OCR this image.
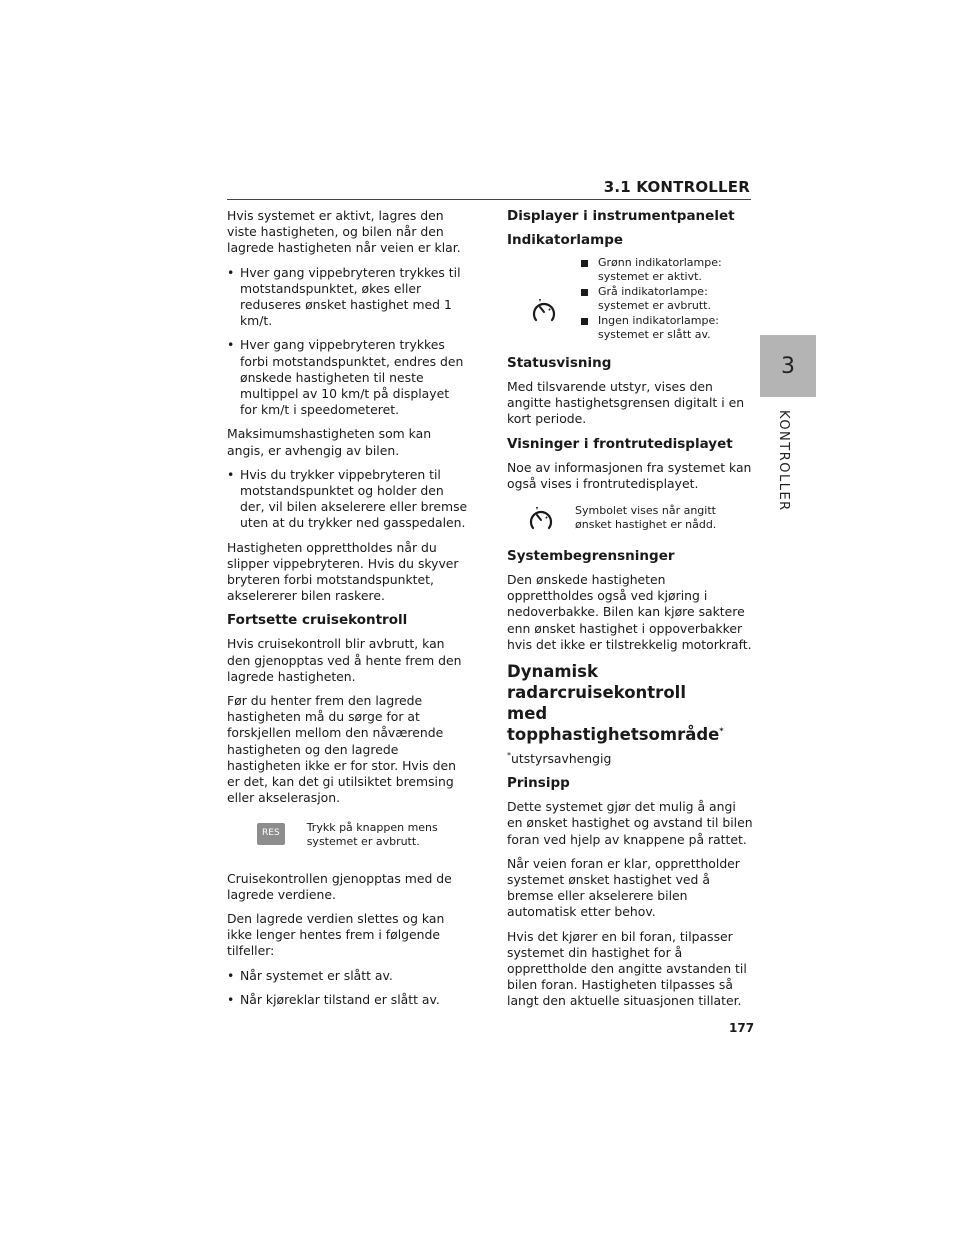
3.1 KONTROLLER
3
KONTROLLER

Hvis systemet er aktivt, lagres den viste hastigheten, og bilen når den lagrede hastigheten når veien er klar.

• Hver gang vippebryteren trykkes til motstandspunktet, økes eller reduseres ønsket hastighet med 1 km/t.
• Hver gang vippebryteren trykkes forbi motstandspunktet, endres den ønskede hastigheten til neste multippel av 10 km/t på displayet for km/t i speedometeret.

Maksimumshastigheten som kan angis, er avhengig av bilen.

• Hvis du trykker vippebryteren til motstandspunktet og holder den der, vil bilen akselerere eller bremse uten at du trykker ned gasspedalen.

Hastigheten opprettholdes når du slipper vippebryteren. Hvis du skyver bryteren forbi motstandspunktet, akselererer bilen raskere.

Fortsette cruisekontroll

Hvis cruisekontroll blir avbrutt, kan den gjenopptas ved å hente frem den lagrede hastigheten.

Før du henter frem den lagrede hastigheten må du sørge for at forskjellen mellom den nåværende hastigheten og den lagrede hastigheten ikke er for stor. Hvis den er det, kan det gi utilsiktet bremsing eller akselerasjon.

RES	Trykk på knappen mens systemet er avbrutt.

Cruisekontrollen gjenopptas med de lagrede verdiene.

Den lagrede verdien slettes og kan ikke lenger hentes frem i følgende tilfeller:

• Når systemet er slått av.
• Når kjøreklar tilstand er slått av.
Displayer i instrumentpanelet
Indikatorlampe
Grønn indikatorlampe: systemet er aktivt.
Grå indikatorlampe: systemet er avbrutt.
Ingen indikatorlampe: systemet er slått av.
Statusvisning

Med tilsvarende utstyr, vises den angitte hastighetsgrensen digitalt i en kort periode.

Visninger i frontrutedisplayet

Noe av informasjonen fra systemet kan også vises i frontrutedisplayet.

Symbolet vises når angitt ønsket hastighet er nådd.
Systembegrensninger

Den ønskede hastigheten opprettholdes også ved kjøring i nedoverbakke. Bilen kan kjøre saktere enn ønsket hastighet i oppoverbakker hvis det ikke er tilstrekkelig motorkraft.

Dynamisk radarcruisekontroll
med topphastighetsområde*

*utstyrsavhengig

Prinsipp

Dette systemet gjør det mulig å angi en ønsket hastighet og avstand til bilen foran ved hjelp av knappene på rattet.

Når veien foran er klar, opprettholder systemet ønsket hastighet ved å bremse eller akselerere bilen automatisk etter behov.

Hvis det kjører en bil foran, tilpasser systemet din hastighet for å opprettholde den angitte avstanden til bilen foran. Hastigheten tilpasses så langt den aktuelle situasjonen tillater.

177
